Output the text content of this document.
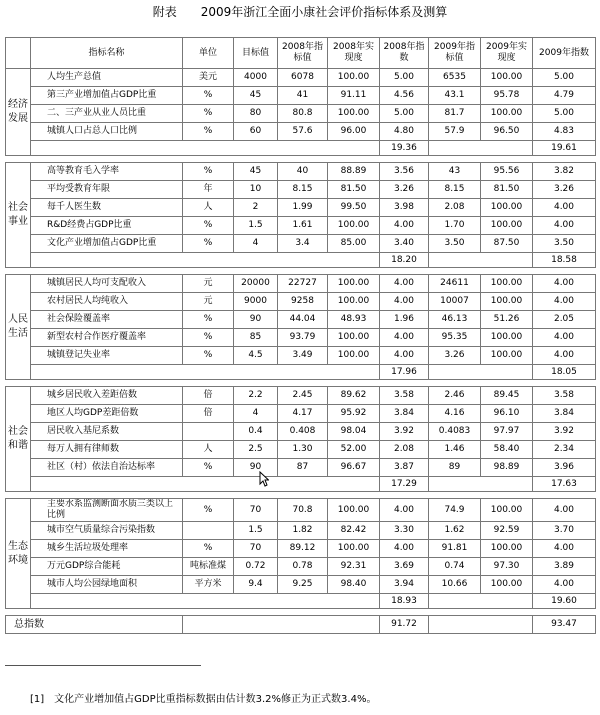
附表　　2009年浙江全面小康社会评价指标体系及测算
	指标名称	单位	目标值	2008年指标值	2008年实现度	2008年指数	2009年指标值	2009年实现度	2009年指数
经济发展	人均生产总值	美元	4000	6078	100.00	5.00	6535	100.00	5.00
	第三产业增加值占GDP比重	%	45	41	91.11	4.56	43.1	95.78	4.79
	二、三产业从业人员比重	%	80	80.8	100.00	5.00	81.7	100.00	5.00
	城镇人口占总人口比例	%	60	57.6	96.00	4.80	57.9	96.50	4.83
						19.36			19.61

社会事业	高等教育毛入学率	%	45	40	88.89	3.56	43	95.56	3.82
	平均受教育年限	年	10	8.15	81.50	3.26	8.15	81.50	3.26
	每千人医生数	人	2	1.99	99.50	3.98	2.08	100.00	4.00
	R&D经费占GDP比重	%	1.5	1.61	100.00	4.00	1.70	100.00	4.00
	文化产业增加值占GDP比重	%	4	3.4	85.00	3.40	3.50	87.50	3.50
						18.20			18.58

人民生活	城镇居民人均可支配收入	元	20000	22727	100.00	4.00	24611	100.00	4.00
	农村居民人均纯收入	元	9000	9258	100.00	4.00	10007	100.00	4.00
	社会保险覆盖率	%	90	44.04	48.93	1.96	46.13	51.26	2.05
	新型农村合作医疗覆盖率	%	85	93.79	100.00	4.00	95.35	100.00	4.00
	城镇登记失业率	%	4.5	3.49	100.00	4.00	3.26	100.00	4.00
						17.96			18.05

社会和谐	城乡居民收入差距倍数	倍	2.2	2.45	89.62	3.58	2.46	89.45	3.58
	地区人均GDP差距倍数	倍	4	4.17	95.92	3.84	4.16	96.10	3.84
	居民收入基尼系数		0.4	0.408	98.04	3.92	0.4083	97.97	3.92
	每万人拥有律师数	人	2.5	1.30	52.00	2.08	1.46	58.40	2.34
	社区（村）依法自治达标率	%	90	87	96.67	3.87	89	98.89	3.96
						17.29			17.63

生态环境	主要水系监测断面水质三类以上比例	%	70	70.8	100.00	4.00	74.9	100.00	4.00
	城市空气质量综合污染指数		1.5	1.82	82.42	3.30	1.62	92.59	3.70
	城乡生活垃圾处理率	%	70	89.12	100.00	4.00	91.81	100.00	4.00
	万元GDP综合能耗	吨标准煤	0.72	0.78	92.31	3.69	0.74	97.30	3.89
	城市人均公园绿地面积	平方米	9.4	9.25	98.40	3.94	10.66	100.00	4.00
						18.93			19.60

总指数						91.72			93.47
[1]　文化产业增加值占GDP比重指标数据由估计数3.2%修正为正式数3.4%。
